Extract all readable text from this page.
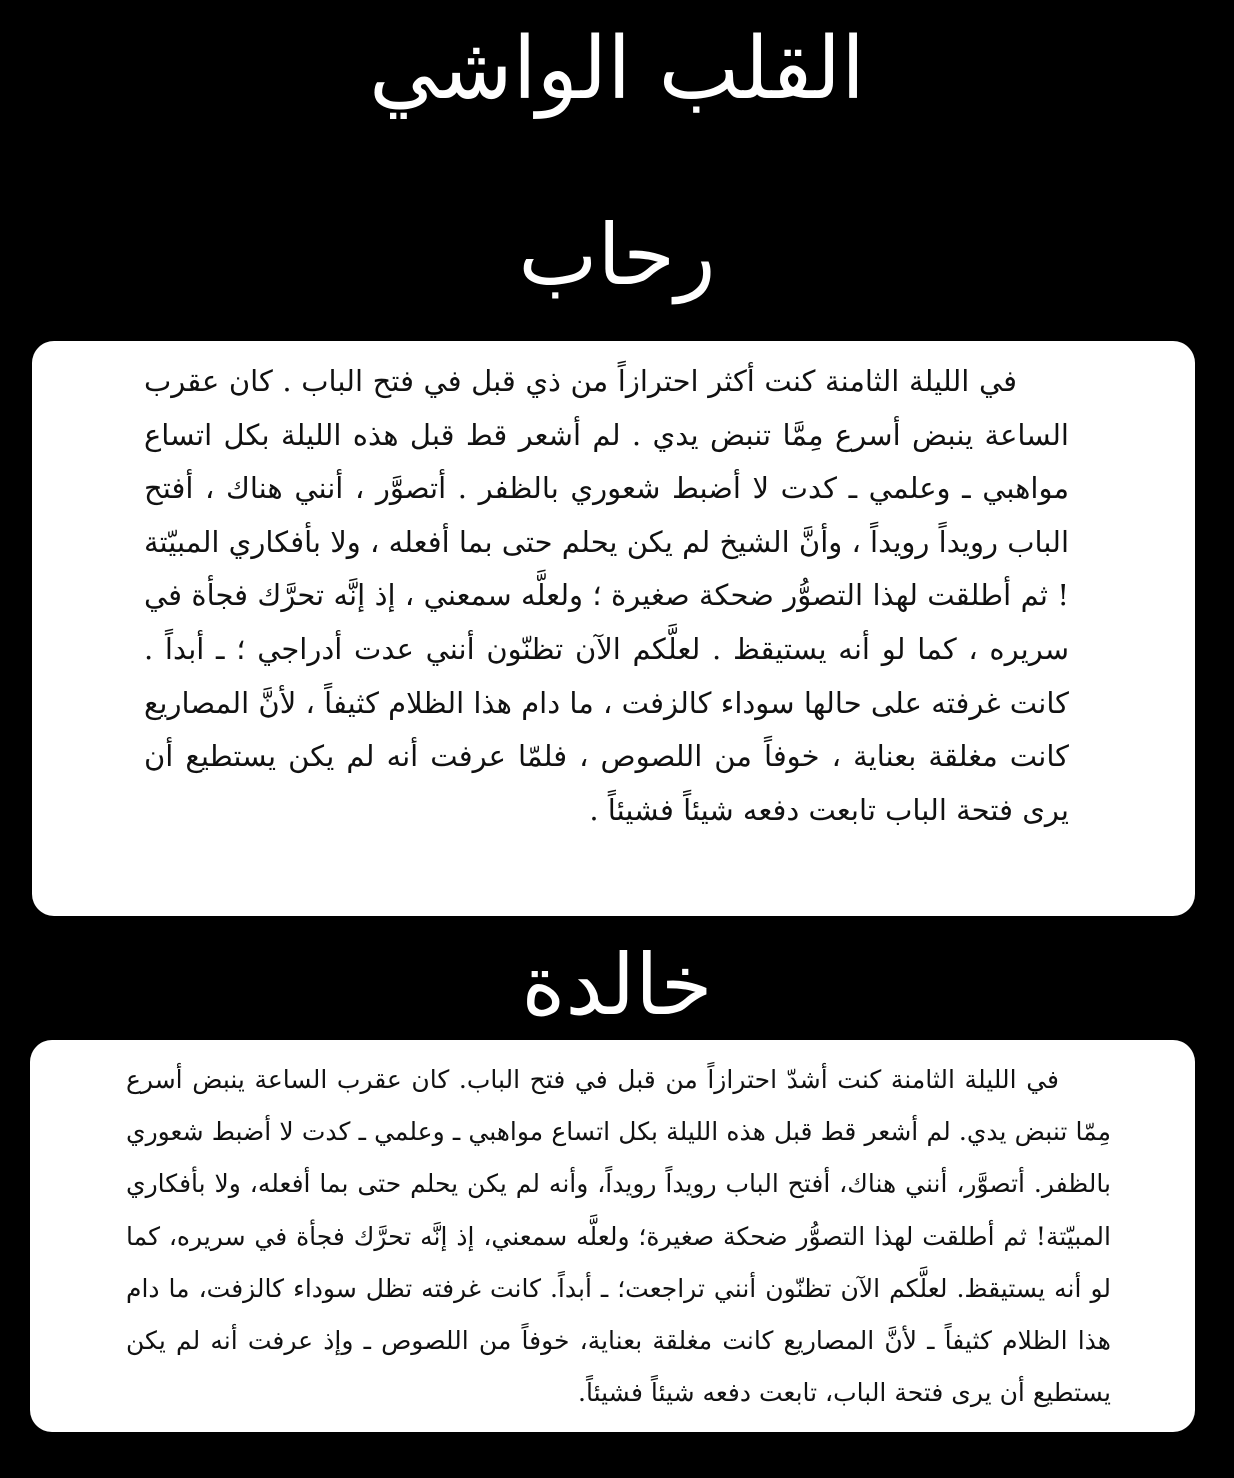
القلب الواشي
رحاب

في الليلة الثامنة كنت أكثر احترازاً من ذي قبل في فتح الباب . كان عقرب الساعة ينبض أسرع مِمَّا تنبض يدي . لم أشعر قط قبل هذه الليلة بكل اتساع مواهبي ـ وعلمي ـ كدت لا أضبط شعوري بالظفر . أتصوَّر ، أنني هناك ، أفتح الباب رويداً رويداً ، وأنَّ الشيخ لم يكن يحلم حتى بما أفعله ، ولا بأفكاري المبيّتة ! ثم أطلقت لهذا التصوُّر ضحكة صغيرة ؛ ولعلَّه سمعني ، إذ إنَّه تحرَّك فجأة في سريره ، كما لو أنه يستيقظ . لعلَّكم الآن تظنّون أنني عدت أدراجي ؛ ـ أبداً . كانت غرفته على حالها سوداء كالزفت ، ما دام هذا الظلام كثيفاً ، لأنَّ المصاريع كانت مغلقة بعناية ، خوفاً من اللصوص ، فلمّا عرفت أنه لم يكن يستطيع أن يرى فتحة الباب تابعت دفعه شيئاً فشيئاً .

خالدة

في الليلة الثامنة كنت أشدّ احترازاً من قبل في فتح الباب. كان عقرب الساعة ينبض أسرع مِمّا تنبض يدي. لم أشعر قط قبل هذه الليلة بكل اتساع مواهبي ـ وعلمي ـ كدت لا أضبط شعوري بالظفر. أتصوَّر، أنني هناك، أفتح الباب رويداً رويداً، وأنه لم يكن يحلم حتى بما أفعله، ولا بأفكاري المبيّتة! ثم أطلقت لهذا التصوُّر ضحكة صغيرة؛ ولعلَّه سمعني، إذ إنَّه تحرَّك فجأة في سريره، كما لو أنه يستيقظ. لعلَّكم الآن تظنّون أنني تراجعت؛ ـ أبداً. كانت غرفته تظل سوداء كالزفت، ما دام هذا الظلام كثيفاً ـ لأنَّ المصاريع كانت مغلقة بعناية، خوفاً من اللصوص ـ وإذ عرفت أنه لم يكن يستطيع أن يرى فتحة الباب، تابعت دفعه شيئاً فشيئاً.
